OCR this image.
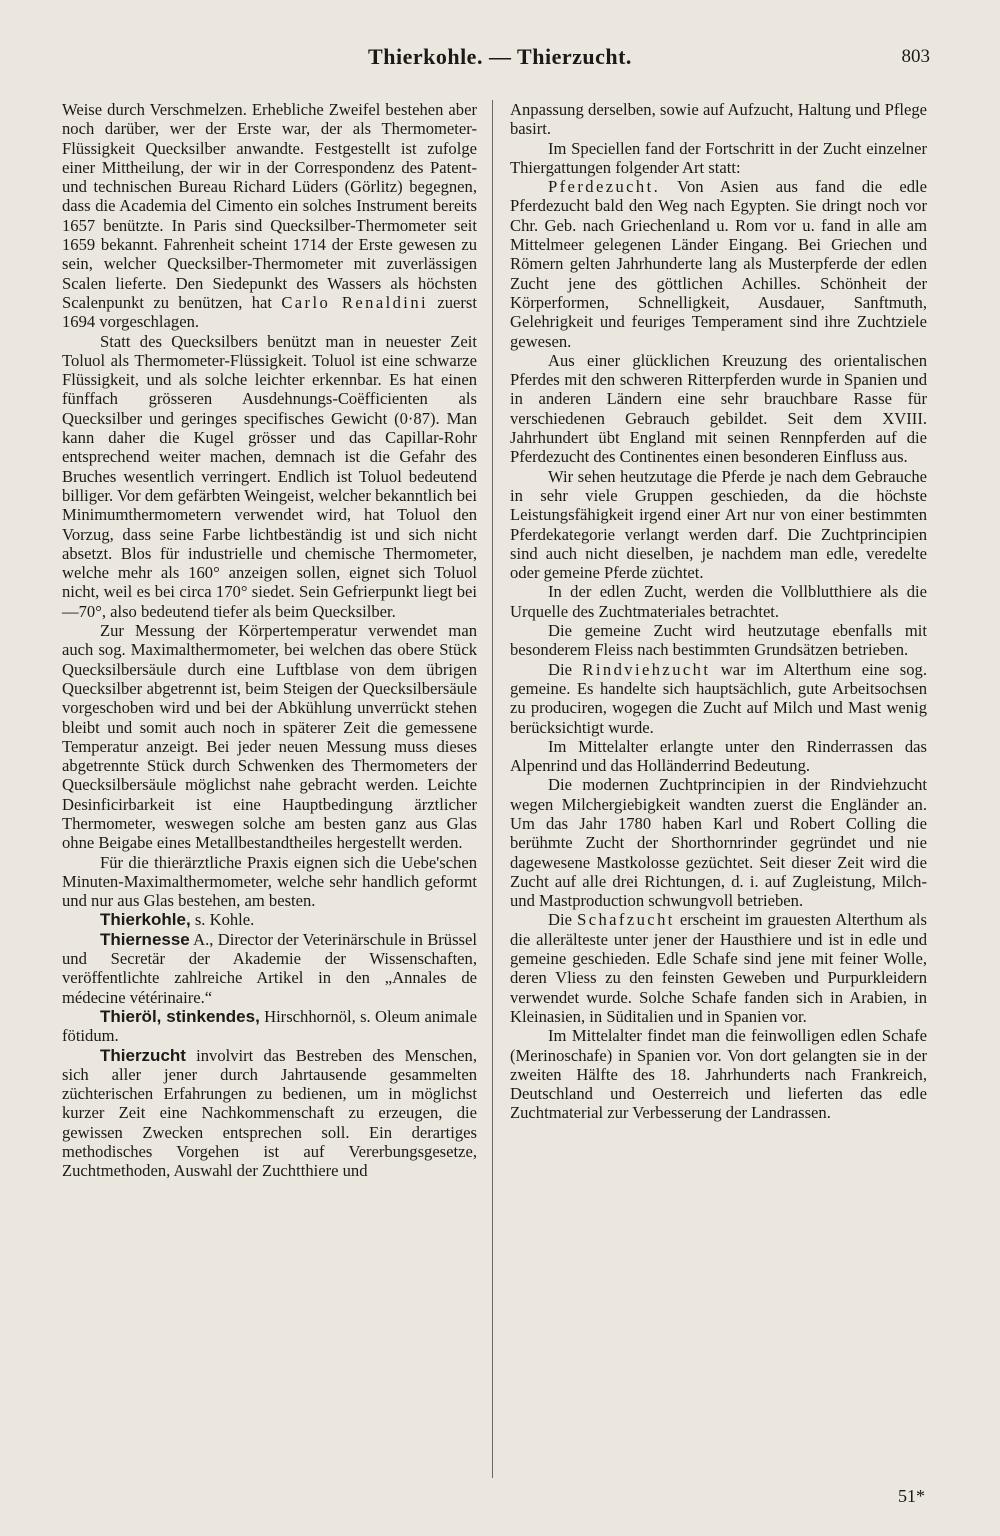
Thierkohle. — Thierzucht.	803

Weise durch Verschmelzen. Erhebliche Zweifel bestehen aber noch darüber, wer der Erste war, der als Thermometer-Flüssigkeit Quecksilber anwandte. Festgestellt ist zufolge einer Mittheilung, der wir in der Correspondenz des Patent- und technischen Bureau Richard Lüders (Görlitz) begegnen, dass die Academia del Cimento ein solches Instrument bereits 1657 benützte. In Paris sind Quecksilber-Thermometer seit 1659 bekannt. Fahrenheit scheint 1714 der Erste gewesen zu sein, welcher Quecksilber-Thermometer mit zuverlässigen Scalen lieferte. Den Siedepunkt des Wassers als höchsten Scalenpunkt zu benützen, hat Carlo Renaldini zuerst 1694 vorgeschlagen.

Statt des Quecksilbers benützt man in neuester Zeit Toluol als Thermometer-Flüssigkeit. Toluol ist eine schwarze Flüssigkeit, und als solche leichter erkennbar. Es hat einen fünffach grösseren Ausdehnungs-Coëfficienten als Quecksilber und geringes specifisches Gewicht (0·87). Man kann daher die Kugel grösser und das Capillar-Rohr entsprechend weiter machen, demnach ist die Gefahr des Bruches wesentlich verringert. Endlich ist Toluol bedeutend billiger. Vor dem gefärbten Weingeist, welcher bekanntlich bei Minimumthermometern verwendet wird, hat Toluol den Vorzug, dass seine Farbe lichtbeständig ist und sich nicht absetzt. Blos für industrielle und chemische Thermometer, welche mehr als 160° anzeigen sollen, eignet sich Toluol nicht, weil es bei circa 170° siedet. Sein Gefrierpunkt liegt bei —70°, also bedeutend tiefer als beim Quecksilber.

Zur Messung der Körpertemperatur verwendet man auch sog. Maximalthermometer, bei welchen das obere Stück Quecksilbersäule durch eine Luftblase von dem übrigen Quecksilber abgetrennt ist, beim Steigen der Quecksilbersäule vorgeschoben wird und bei der Abkühlung unverrückt stehen bleibt und somit auch noch in späterer Zeit die gemessene Temperatur anzeigt. Bei jeder neuen Messung muss dieses abgetrennte Stück durch Schwenken des Thermometers der Quecksilbersäule möglichst nahe gebracht werden. Leichte Desinficirbarkeit ist eine Hauptbedingung ärztlicher Thermometer, weswegen solche am besten ganz aus Glas ohne Beigabe eines Metallbestandtheiles hergestellt werden.

Für die thierärztliche Praxis eignen sich die Uebe'schen Minuten-Maximalthermometer, welche sehr handlich geformt und nur aus Glas bestehen, am besten.

Thierkohle, s. Kohle.

Thiernesse A., Director der Veterinärschule in Brüssel und Secretär der Akademie der Wissenschaften, veröffentlichte zahlreiche Artikel in den „Annales de médecine vétérinaire.“

Thieröl, stinkendes, Hirschhornöl, s. Oleum animale fötidum.

Thierzucht involvirt das Bestreben des Menschen, sich aller jener durch Jahrtausende gesammelten züchterischen Erfahrungen zu bedienen, um in möglichst kurzer Zeit eine Nachkommenschaft zu erzeugen, die gewissen Zwecken entsprechen soll. Ein derartiges methodisches Vorgehen ist auf Vererbungsgesetze, Zuchtmethoden, Auswahl der Zuchtthiere und

Anpassung derselben, sowie auf Aufzucht, Haltung und Pflege basirt.

Im Speciellen fand der Fortschritt in der Zucht einzelner Thiergattungen folgender Art statt:

Pferdezucht. Von Asien aus fand die edle Pferdezucht bald den Weg nach Egypten. Sie dringt noch vor Chr. Geb. nach Griechenland u. Rom vor u. fand in alle am Mittelmeer gelegenen Länder Eingang. Bei Griechen und Römern gelten Jahrhunderte lang als Musterpferde der edlen Zucht jene des göttlichen Achilles. Schönheit der Körperformen, Schnelligkeit, Ausdauer, Sanftmuth, Gelehrigkeit und feuriges Temperament sind ihre Zuchtziele gewesen.

Aus einer glücklichen Kreuzung des orientalischen Pferdes mit den schweren Ritterpferden wurde in Spanien und in anderen Ländern eine sehr brauchbare Rasse für verschiedenen Gebrauch gebildet. Seit dem XVIII. Jahrhundert übt England mit seinen Rennpferden auf die Pferdezucht des Continentes einen besonderen Einfluss aus.

Wir sehen heutzutage die Pferde je nach dem Gebrauche in sehr viele Gruppen geschieden, da die höchste Leistungsfähigkeit irgend einer Art nur von einer bestimmten Pferdekategorie verlangt werden darf. Die Zuchtprincipien sind auch nicht dieselben, je nachdem man edle, veredelte oder gemeine Pferde züchtet.

In der edlen Zucht, werden die Vollblutthiere als die Urquelle des Zuchtmateriales betrachtet.

Die gemeine Zucht wird heutzutage ebenfalls mit besonderem Fleiss nach bestimmten Grundsätzen betrieben.

Die Rindviehzucht war im Alterthum eine sog. gemeine. Es handelte sich hauptsächlich, gute Arbeitsochsen zu produciren, wogegen die Zucht auf Milch und Mast wenig berücksichtigt wurde.

Im Mittelalter erlangte unter den Rinderrassen das Alpenrind und das Holländerrind Bedeutung.

Die modernen Zuchtprincipien in der Rindviehzucht wegen Milchergiebigkeit wandten zuerst die Engländer an. Um das Jahr 1780 haben Karl und Robert Colling die berühmte Zucht der Shorthornrinder gegründet und nie dagewesene Mastkolosse gezüchtet. Seit dieser Zeit wird die Zucht auf alle drei Richtungen, d. i. auf Zugleistung, Milch- und Mastproduction schwungvoll betrieben.

Die Schafzucht erscheint im grauesten Alterthum als die allerälteste unter jener der Hausthiere und ist in edle und gemeine geschieden. Edle Schafe sind jene mit feiner Wolle, deren Vliess zu den feinsten Geweben und Purpurkleidern verwendet wurde. Solche Schafe fanden sich in Arabien, in Kleinasien, in Süditalien und in Spanien vor.

Im Mittelalter findet man die feinwolligen edlen Schafe (Merinoschafe) in Spanien vor. Von dort gelangten sie in der zweiten Hälfte des 18. Jahrhunderts nach Frankreich, Deutschland und Oesterreich und lieferten das edle Zuchtmaterial zur Verbesserung der Landrassen.

51*
